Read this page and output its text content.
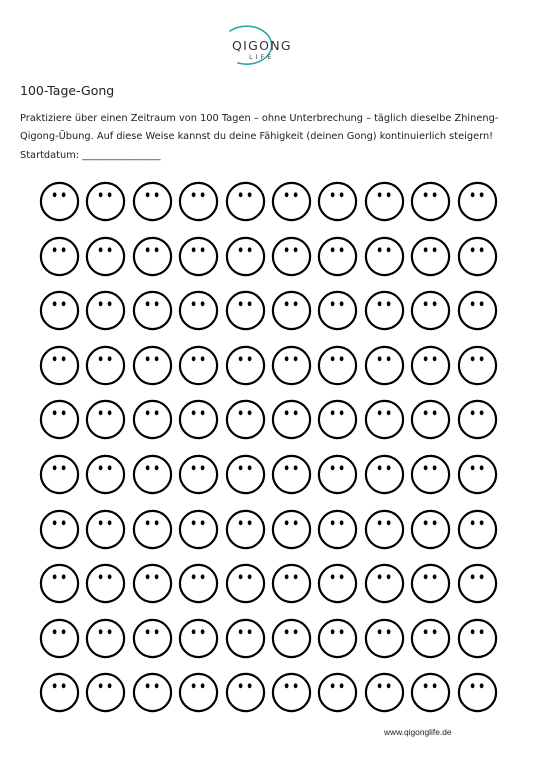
QIGONG
LIFE
100-Tage-Gong
Praktiziere über einen Zeitraum von 100 Tagen – ohne Unterbrechung – täglich dieselbe Zhineng-Qigong-Übung. Auf diese Weise kannst du deine Fähigkeit (deinen Gong) kontinuierlich steigern!
Startdatum: ________________
www.qigonglife.de
